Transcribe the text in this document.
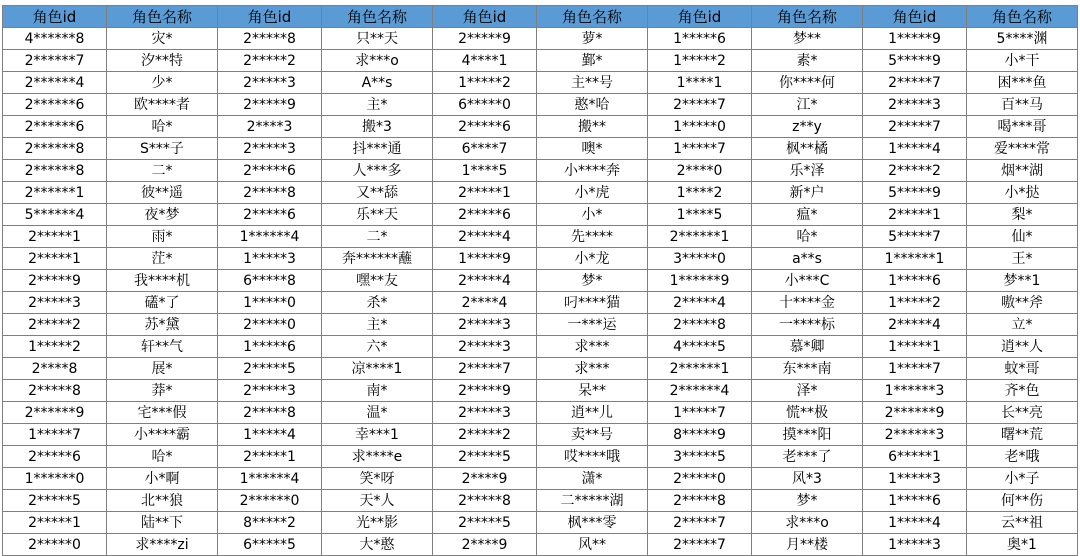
角色id	角色名称	角色id	角色名称	角色id	角色名称	角色id	角色名称	角色id	角色名称
4******8	灾*	2*****8	只**天	2*****9	萝*	1*****6	梦**	1*****9	5****渊
2******7	汐**特	2*****2	求***o	4****1	鄞*	1*****2	素*	5*****9	小*干
2******4	少*	2*****3	A**s	1*****2	主**号	1****1	你****何	2*****7	困***鱼
2******6	欧****者	2*****9	主*	6*****0	憨*哈	2*****7	江*	2*****3	百**马
2******6	哈*	2****3	搬*3	2*****6	搬**	1*****0	z**y	2*****7	喝***哥
2******8	S***子	2*****3	抖***通	6****7	噢*	1*****7	枫**橘	1*****4	爱****常
2******8	二*	2*****6	人***多	1****5	小****奔	2****0	乐*泽	2*****2	烟**湖
2******1	彼**遥	2*****8	又**舔	2*****1	小*虎	1****2	新*户	5*****9	小*挞
5******4	夜*梦	2*****6	乐**天	2*****6	小*	1****5	瘟*	2*****1	梨*
2*****1	雨*	1******4	二*	2*****4	先****	2******1	哈*	5*****7	仙*
2*****1	茳*	1*****3	奔******蘸	1*****9	小*龙	3*****0	a**s	1******1	王*
2*****9	我****机	6*****8	嘿**友	2*****4	梦*	1******9	小***C	1*****6	梦**1
2*****3	礚*了	1*****0	杀*	2****4	叼****猫	2*****4	十****金	1*****2	嗷**斧
2*****2	苏*黛	2*****0	主*	2*****3	一***运	2*****8	一****标	2*****4	立*
1*****2	轩**气	1*****6	六*	2*****3	求***	4*****5	慕*卿	1*****1	逍**人
2****8	展*	2*****5	凉****1	2*****7	求***	2******1	东***南	1*****7	蚊*哥
2*****8	莽*	2*****3	南*	2*****9	呆**	2******4	泽*	1******3	齐*色
2******9	宅***假	2*****8	温*	2*****3	逍**儿	1*****7	慌**极	2******9	长**亮
1*****7	小****霸	1*****4	幸***1	2*****2	卖**号	8*****9	摸***阳	2******3	曙**荒
2*****6	哈*	2*****1	求****e	2*****5	哎****哦	3*****5	老***了	6*****1	老*哦
1******0	小*啊	1******4	笑*呀	2****9	潇*	2*****0	风*3	1*****3	小*子
2*****5	北**狼	2******0	天*人	2*****8	二*****湖	2*****8	梦*	1*****6	何**伤
2*****1	陆**下	8*****2	光**影	2*****5	枫***零	2*****7	求***o	1*****4	云**祖
2*****0	求****zi	6*****5	大*憨	2****9	风**	2*****7	月**楼	1*****3	奥*1
